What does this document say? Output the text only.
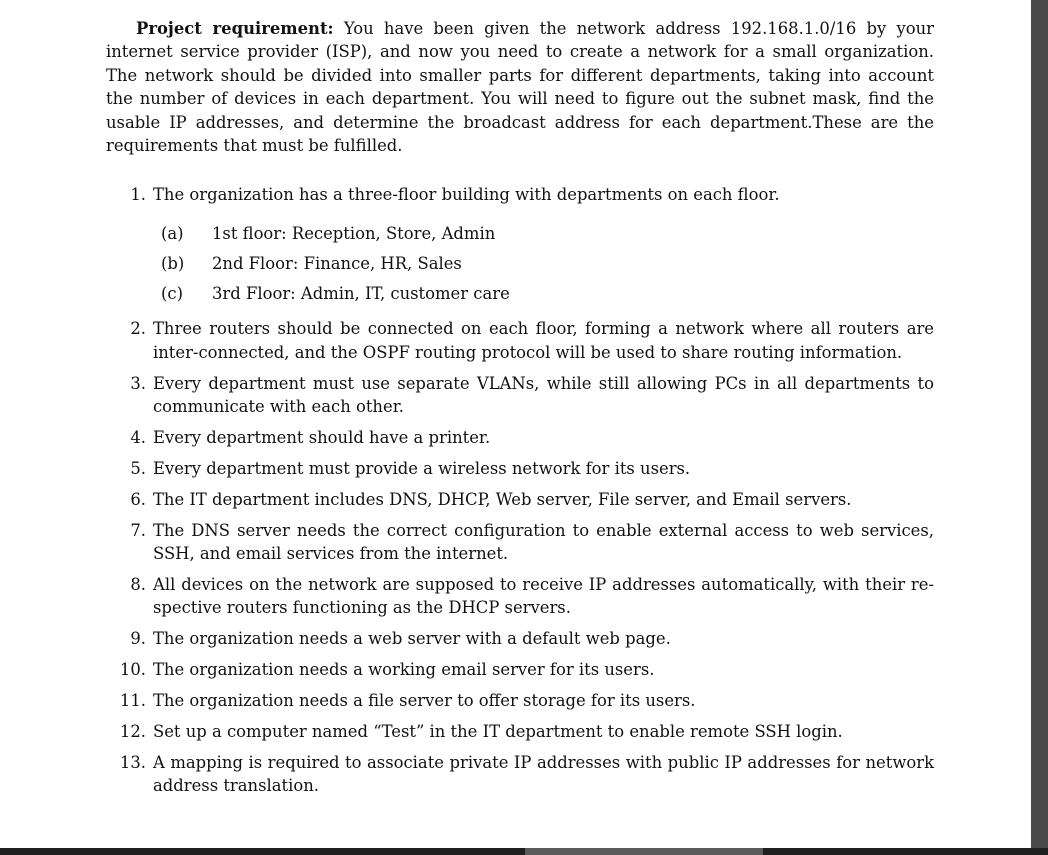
Project requirement: You have been given the network address 192.168.1.0/16 by your internet service provider (ISP), and now you need to create a network for a small organization. The network should be divided into smaller parts for different departments, taking into account the number of devices in each department. You will need to figure out the subnet mask, find the usable IP addresses, and determine the broadcast address for each department.These are the requirements that must be fulfilled.

1. The organization has a three-floor building with departments on each floor.
(a)	1st floor: Reception, Store, Admin
(b)	2nd Floor: Finance, HR, Sales
(c)	3rd Floor: Admin, IT, customer care
2. Three routers should be connected on each floor, forming a network where all routers are inter-connected, and the OSPF routing protocol will be used to share routing information.
3. Every department must use separate VLANs, while still allowing PCs in all departments to communicate with each other.
4. Every department should have a printer.
5. Every department must provide a wireless network for its users.
6. The IT department includes DNS, DHCP, Web server, File server, and Email servers.
7. The DNS server needs the correct configuration to enable external access to web services, SSH, and email services from the internet.
8. All devices on the network are supposed to receive IP addresses automatically, with their re-spective routers functioning as the DHCP servers.
9. The organization needs a web server with a default web page.
10. The organization needs a working email server for its users.
11. The organization needs a file server to offer storage for its users.
12. Set up a computer named “Test” in the IT department to enable remote SSH login.
13. A mapping is required to associate private IP addresses with public IP addresses for network address translation.
